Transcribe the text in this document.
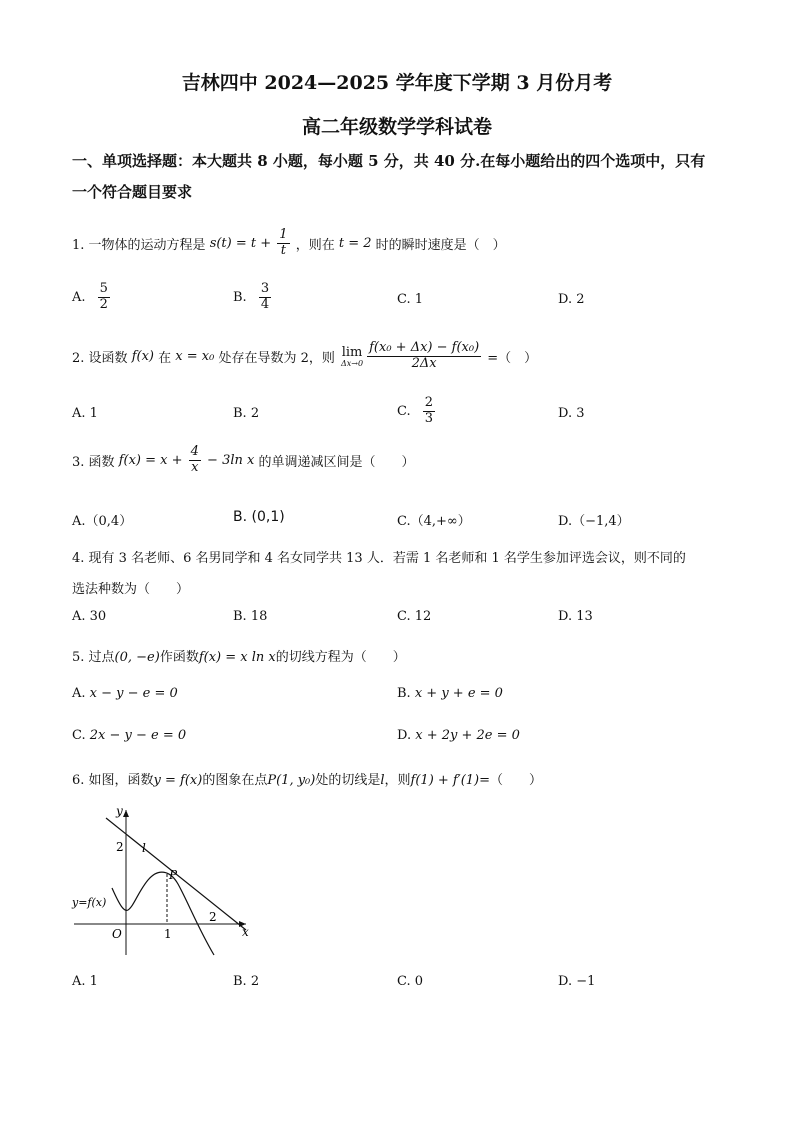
吉林四中 2024—2025 学年度下学期 3 月份月考
高二年级数学学科试卷
一、单项选择题：本大题共 8 小题，每小题 5 分，共 40 分.在每小题给出的四个选项中，只有
一个符合题目要求
1. 一物体的运动方程是 $s(t) = t + \frac{1}{t}$ ，则在 t = 2 时的瞬时速度是（　）
A. $\frac{5}{2}$	B. $\frac{3}{4}$	C. 1	D. 2
2. 设函数 f(x) 在 x = x₀ 处存在导数为 2，则 lim
$\Delta x\to 0 \frac{\text{f(x₀ + Δx) − f(x₀)}}{2\Delta x}$ =（　）
A. 1	B. 2	C. $\frac{2}{3}$	D. 3
3. 函数 $f(x) = x + \frac{4}{x} - 3\ln$ x 的单调递减区间是（　　）
A.（0,4）	B. (0,1)	C.（4,+∞）	D.（−1,4）
4. 现有 3 名老师、6 名男同学和 4 名女同学共 13 人．若需 1 名老师和 1 名学生参加评选会议，则不同的
选法种数为（　　）
A. 30	B. 18	C. 12	D. 13
5. 过点(0, −e)作函数f(x) = x ln x的切线方程为（　　）
A. x − y − e = 0	B. x + y + e = 0
C. 2x − y − e = 0	D. x + 2y + 2e = 0
6. 如图，函数y = f(x)的图象在点P(1, y₀)处的切线是l，则f(1) + f′(1)=（　　）
y
x
O	1
2
2
l
P
y=f(x)
A. 1	B. 2	C. 0	D. −1
